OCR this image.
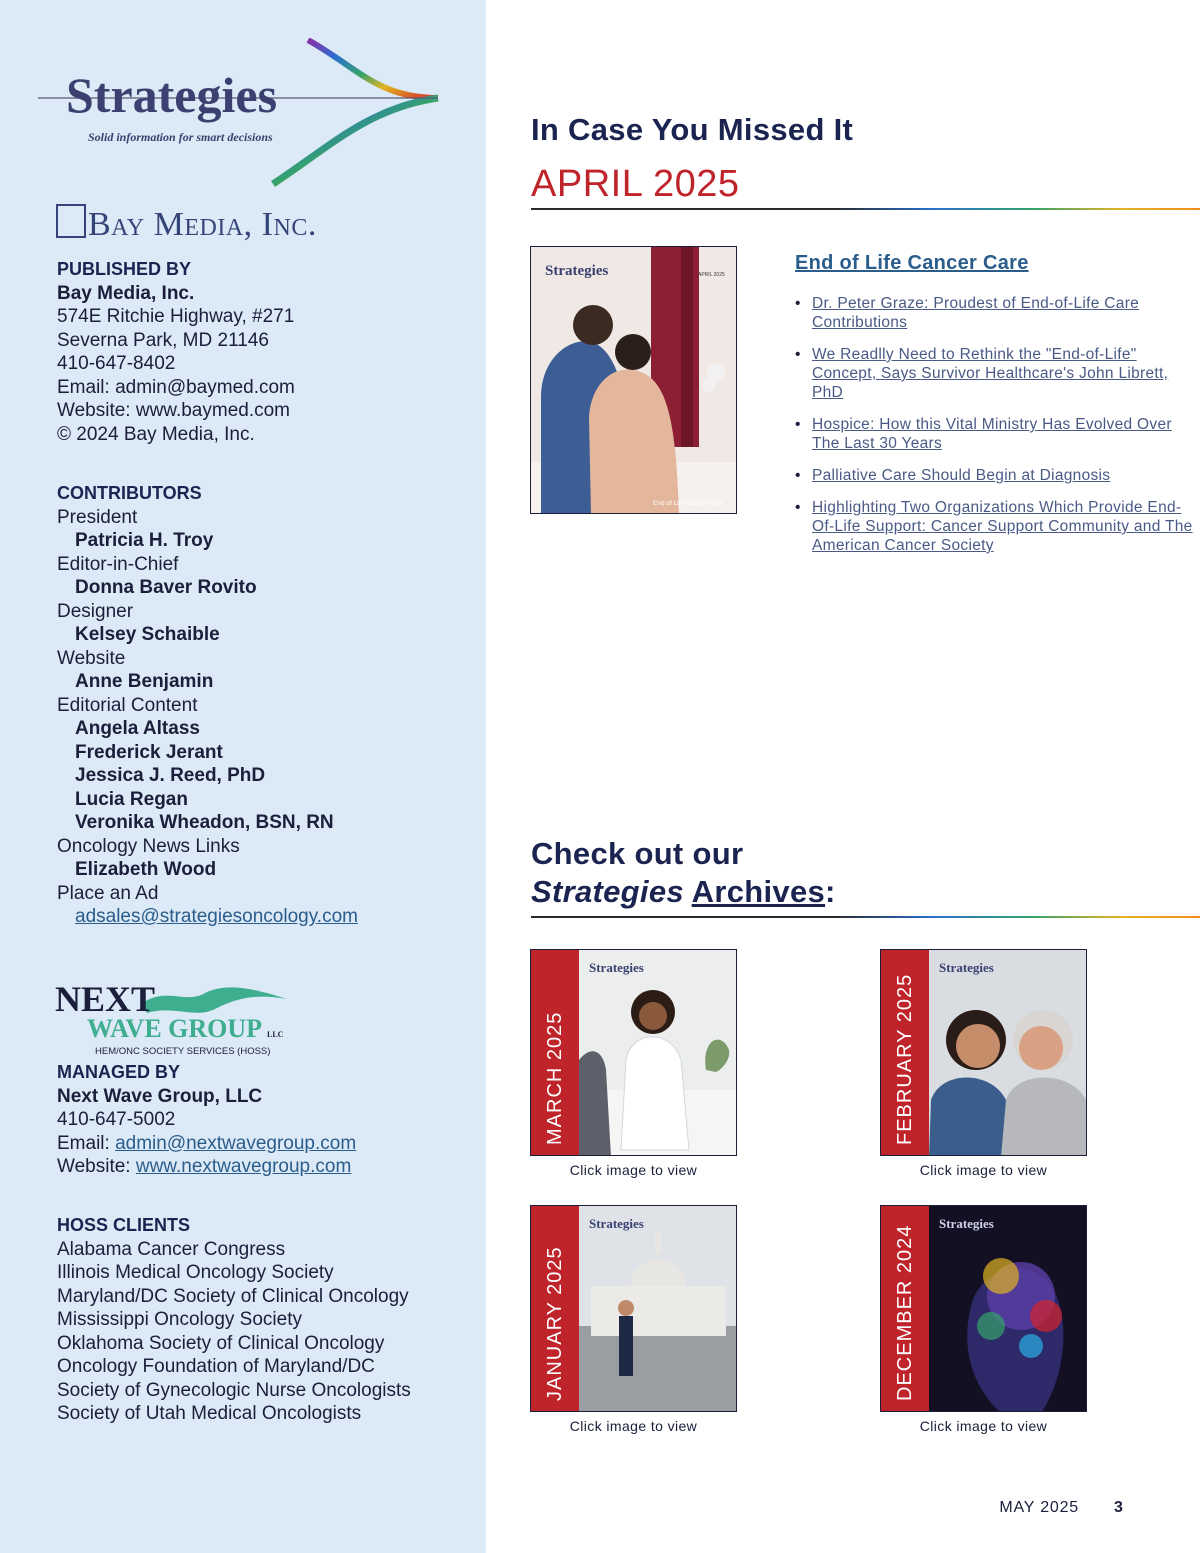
Strategies
Solid information for smart decisions
Bay Media, Inc.
PUBLISHED BY
Bay Media, Inc.
574E Ritchie Highway, #271
Severna Park, MD 21146
410-647-8402
Email: admin@baymed.com
Website: www.baymed.com
© 2024 Bay Media, Inc.
CONTRIBUTORS
President
Patricia H. Troy
Editor-in-Chief
Donna Baver Rovito
Designer
Kelsey Schaible
Website
Anne Benjamin
Editorial Content
Angela Altass
Frederick Jerant
Jessica J. Reed, PhD
Lucia Regan
Veronika Wheadon, BSN, RN
Oncology News Links
Elizabeth Wood
Place an Ad
adsales@strategiesoncology.com
NEXT
WAVE GROUP LLC
HEM/ONC SOCIETY SERVICES (HOSS)
MANAGED BY
Next Wave Group, LLC
410-647-5002
Email: admin@nextwavegroup.com
Website: www.nextwavegroup.com
HOSS CLIENTS
Alabama Cancer Congress
Illinois Medical Oncology Society
Maryland/DC Society of Clinical Oncology
Mississippi Oncology Society
Oklahoma Society of Clinical Oncology
Oncology Foundation of Maryland/DC
Society of Gynecologic Nurse Oncologists
Society of Utah Medical Oncologists
In Case You Missed It
APRIL 2025
Strategies	APRIL 2025
End of Life Cancer Care
End of Life Cancer Care
• Dr. Peter Graze: Proudest of End-of-Life Care Contributions
• We Readlly Need to Rethink the "End-of-Life" Concept, Says Survivor Healthcare's John Librett, PhD
• Hospice: How this Vital Ministry Has Evolved Over The Last 30 Years
• Palliative Care Should Begin at Diagnosis
• Highlighting Two Organizations Which Provide End-Of-Life Support: Cancer Support Community and The American Cancer Society
Check out our
Strategies Archives:
Strategies
MARCH 2025
Click image to view
Strategies
FEBRUARY 2025
Click image to view
Strategies
JANUARY 2025
Click image to view
Strategies
DECEMBER 2024
Click image to view
MAY 2025 3
